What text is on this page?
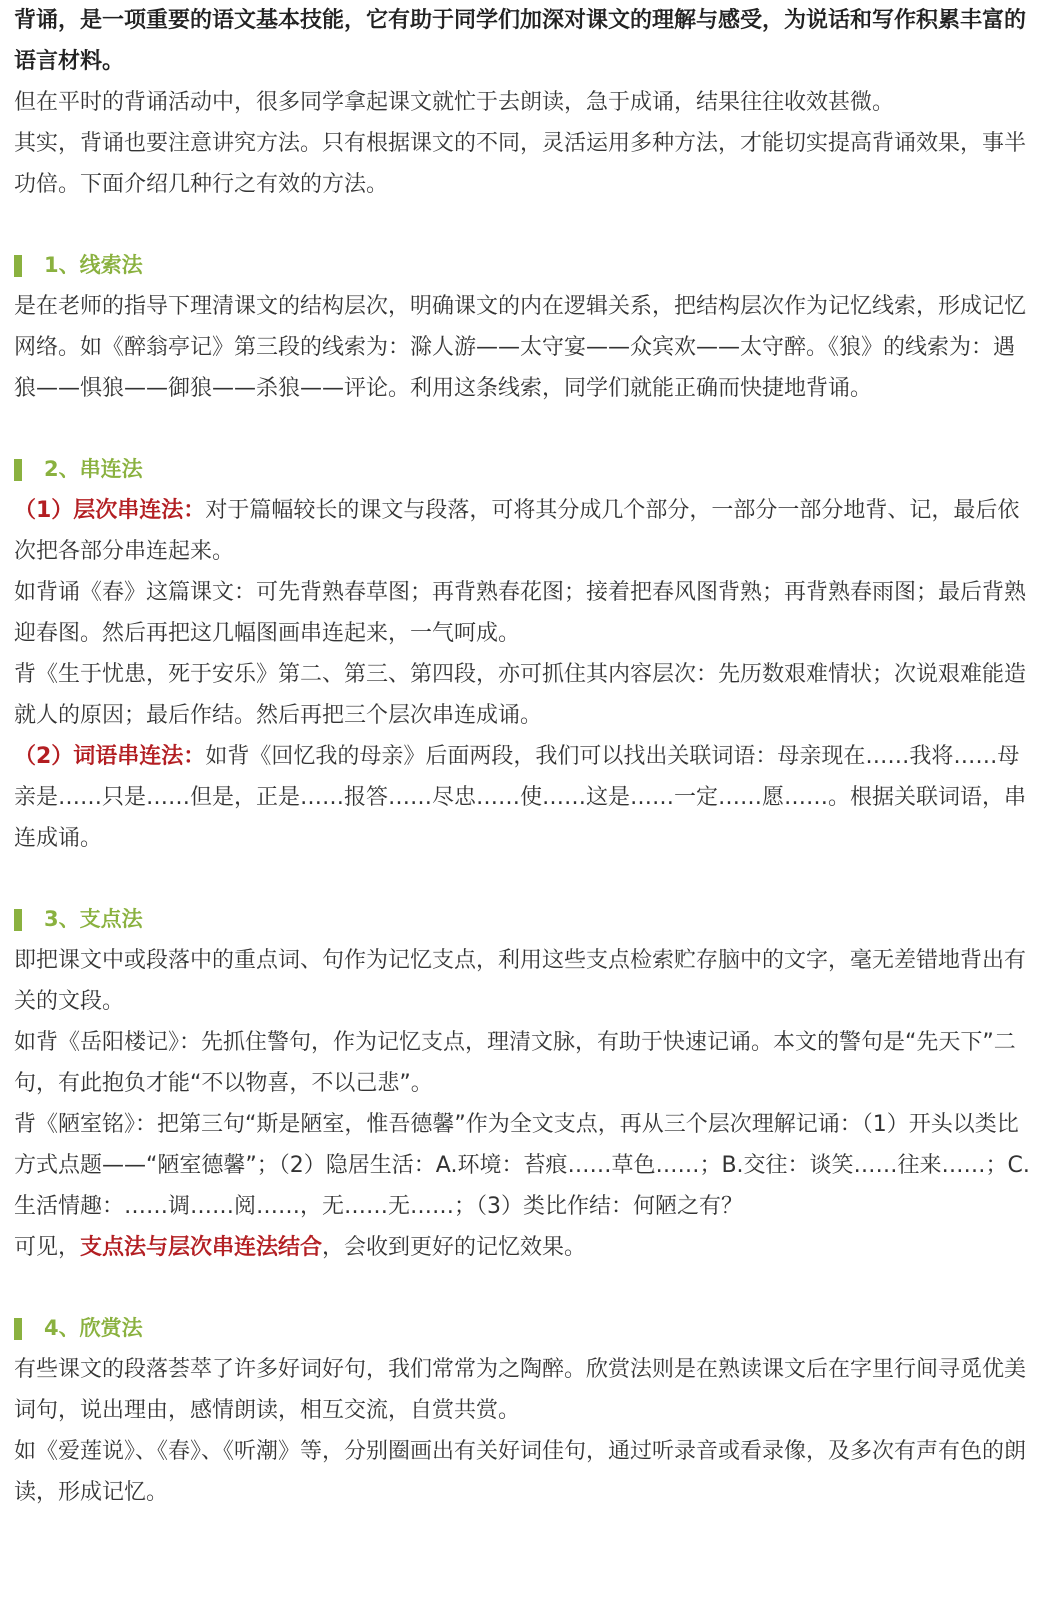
背诵，是一项重要的语文基本技能，它有助于同学们加深对课文的理解与感受，为说话和写作积累丰富的语言材料。

但在平时的背诵活动中，很多同学拿起课文就忙于去朗读，急于成诵，结果往往收效甚微。

其实，背诵也要注意讲究方法。只有根据课文的不同，灵活运用多种方法，才能切实提高背诵效果，事半功倍。下面介绍几种行之有效的方法。

1、线索法

是在老师的指导下理清课文的结构层次，明确课文的内在逻辑关系，把结构层次作为记忆线索，形成记忆网络。如《醉翁亭记》第三段的线索为：滁人游——太守宴——众宾欢——太守醉。《狼》的线索为：遇狼——惧狼——御狼——杀狼——评论。利用这条线索，同学们就能正确而快捷地背诵。

2、串连法

（1）层次串连法：对于篇幅较长的课文与段落，可将其分成几个部分，一部分一部分地背、记，最后依次把各部分串连起来。

如背诵《春》这篇课文：可先背熟春草图；再背熟春花图；接着把春风图背熟；再背熟春雨图；最后背熟迎春图。然后再把这几幅图画串连起来，一气呵成。

背《生于忧患，死于安乐》第二、第三、第四段，亦可抓住其内容层次：先历数艰难情状；次说艰难能造就人的原因；最后作结。然后再把三个层次串连成诵。

（2）词语串连法：如背《回忆我的母亲》后面两段，我们可以找出关联词语：母亲现在……我将……母亲是……只是……但是，正是……报答……尽忠……使……这是……一定……愿……。根据关联词语，串连成诵。

3、支点法

即把课文中或段落中的重点词、句作为记忆支点，利用这些支点检索贮存脑中的文字，毫无差错地背出有关的文段。

如背《岳阳楼记》：先抓住警句，作为记忆支点，理清文脉，有助于快速记诵。本文的警句是“先天下”二句，有此抱负才能“不以物喜，不以己悲”。

背《陋室铭》：把第三句“斯是陋室，惟吾德馨”作为全文支点，再从三个层次理解记诵：（1）开头以类比方式点题——“陋室德馨”；（2）隐居生活：A.环境：苔痕……草色……；B.交往：谈笑……往来……；C.生活情趣：……调……阅……，无……无……；（3）类比作结：何陋之有？

可见，支点法与层次串连法结合，会收到更好的记忆效果。

4、欣赏法

有些课文的段落荟萃了许多好词好句，我们常常为之陶醉。欣赏法则是在熟读课文后在字里行间寻觅优美词句，说出理由，感情朗读，相互交流，自赏共赏。

如《爱莲说》、《春》、《听潮》等，分别圈画出有关好词佳句，通过听录音或看录像，及多次有声有色的朗读，形成记忆。
